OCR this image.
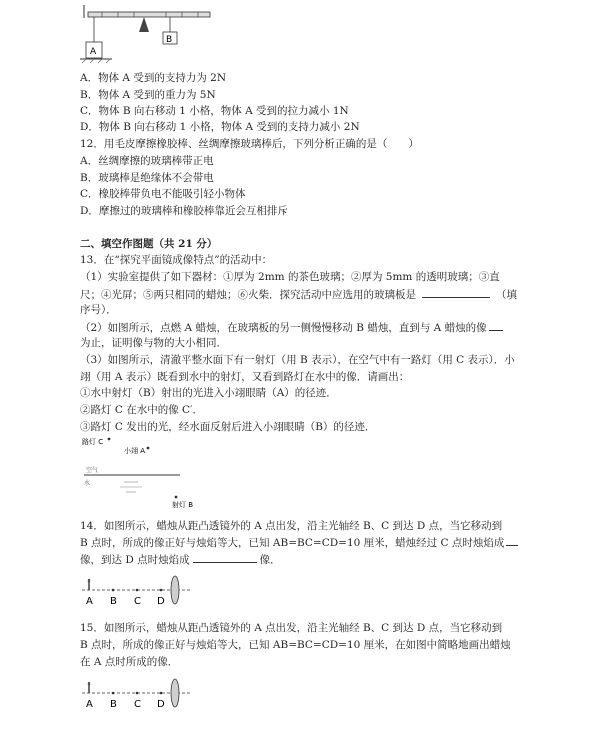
A
B
A．物体 A 受到的支持力为 2N
B．物体 A 受到的重力为 5N
C．物体 B 向右移动 1 小格，物体 A 受到的拉力减小 1N
D．物体 B 向右移动 1 小格，物体 A 受到的支持力减小 2N
12．用毛皮摩擦橡胶棒、丝绸摩擦玻璃棒后，下列分析正确的是（　　）
A．丝绸摩擦的玻璃棒带正电
B．玻璃棒是绝缘体不会带电
C．橡胶棒带负电不能吸引轻小物体
D．摩擦过的玻璃棒和橡胶棒靠近会互相排斥
二、填空作图题（共 21 分）
13．在“探究平面镜成像特点”的活动中：
（1）实验室提供了如下器材：①厚为 2mm 的茶色玻璃；②厚为 5mm 的透明玻璃；③直
尺；④光屏；⑤两只相同的蜡烛；⑥火柴．探究活动中应选用的玻璃板是	（填
序号）．
（2）如图所示，点燃 A 蜡烛，在玻璃板的另一侧慢慢移动 B 蜡烛，直到与 A 蜡烛的像
为止，证明像与物的大小相同．
（3）如图所示，清澈平整水面下有一射灯（用 B 表示），在空气中有一路灯（用 C 表示）．小
翊（用 A 表示）既看到水中的射灯，又看到路灯在水中的像．请画出：
①水中射灯（B）射出的光进入小翊眼睛（A）的径迹．
②路灯 C 在水中的像 C′．
③路灯 C 发出的光，经水面反射后进入小翊眼睛（B）的径迹．
路灯 C
小翊 A
空气
水
射灯 B
14．如图所示，蜡烛从距凸透镜外的 A 点出发，沿主光轴经 B、C 到达 D 点，当它移动到
B 点时，所成的像正好与烛焰等大，已知 AB=BC=CD=10 厘米，蜡烛经过 C 点时烛焰成
像，到达 D 点时烛焰成	像．
A B C D
15．如图所示，蜡烛从距凸透镜外的 A 点出发，沿主光轴经 B、C 到达 D 点，当它移动到
B 点时，所成的像正好与烛焰等大，已知 AB=BC=CD=10 厘米，在如图中简略地画出蜡烛
在 A 点时所成的像．
A B C D
